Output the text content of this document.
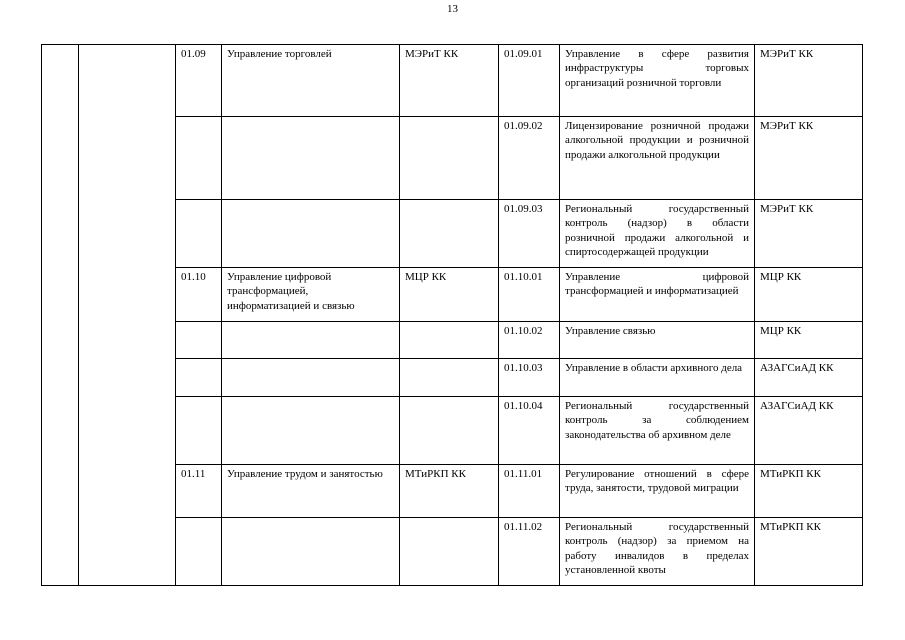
13
		01.09	Управление торговлей	МЭРиТ КК	01.09.01	Управление в сфере развития инфраструктуры торговых организаций розничной торговли	МЭРиТ КК
					01.09.02	Лицензирование розничной продажи алкогольной продукции и розничной продажи алкогольной продукции	МЭРиТ КК
					01.09.03	Региональный государственный контроль (надзор) в области розничной продажи алкогольной и спиртосодержащей продукции	МЭРиТ КК
		01.10	Управление цифровой трансформацией, информатизацией и связью	МЦР КК	01.10.01	Управление цифровой трансформацией и информатизацией	МЦР КК
					01.10.02	Управление связью	МЦР КК
					01.10.03	Управление в области архивного дела	АЗАГСиАД КК
					01.10.04	Региональный государственный контроль за соблюдением законодательства об архивном деле	АЗАГСиАД КК
		01.11	Управление трудом и занятостью	МТиРКП КК	01.11.01	Регулирование отношений в сфере труда, занятости, трудовой миграции	МТиРКП КК
					01.11.02	Региональный государственный контроль (надзор) за приемом на работу инвалидов в пределах установленной квоты	МТиРКП КК
